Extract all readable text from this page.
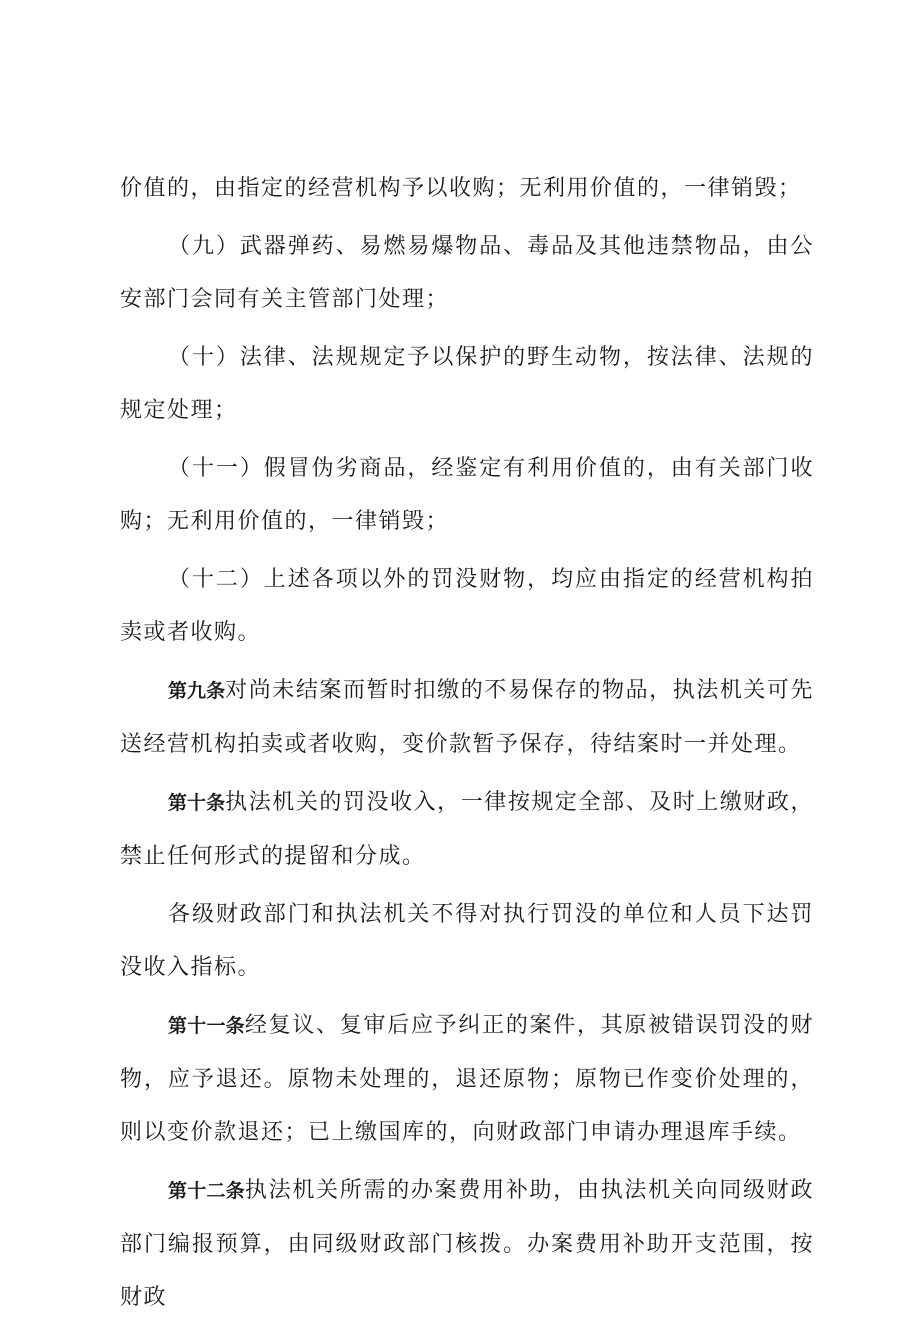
价值的，由指定的经营机构予以收购；无利用价值的，一律销毁；

（九）武器弹药、易燃易爆物品、毒品及其他违禁物品，由公安部门会同有关主管部门处理；

（十）法律、法规规定予以保护的野生动物，按法律、法规的规定处理；

（十一）假冒伪劣商品，经鉴定有利用价值的，由有关部门收购；无利用价值的，一律销毁；

（十二）上述各项以外的罚没财物，均应由指定的经营机构拍卖或者收购。

第九条对尚未结案而暂时扣缴的不易保存的物品，执法机关可先送经营机构拍卖或者收购，变价款暂予保存，待结案时一并处理。

第十条执法机关的罚没收入，一律按规定全部、及时上缴财政，禁止任何形式的提留和分成。

各级财政部门和执法机关不得对执行罚没的单位和人员下达罚没收入指标。

第十一条经复议、复审后应予纠正的案件，其原被错误罚没的财物，应予退还。原物未处理的，退还原物；原物已作变价处理的，则以变价款退还；已上缴国库的，向财政部门申请办理退库手续。

第十二条执法机关所需的办案费用补助，由执法机关向同级财政部门编报预算，由同级财政部门核拨。办案费用补助开支范围，按财政
